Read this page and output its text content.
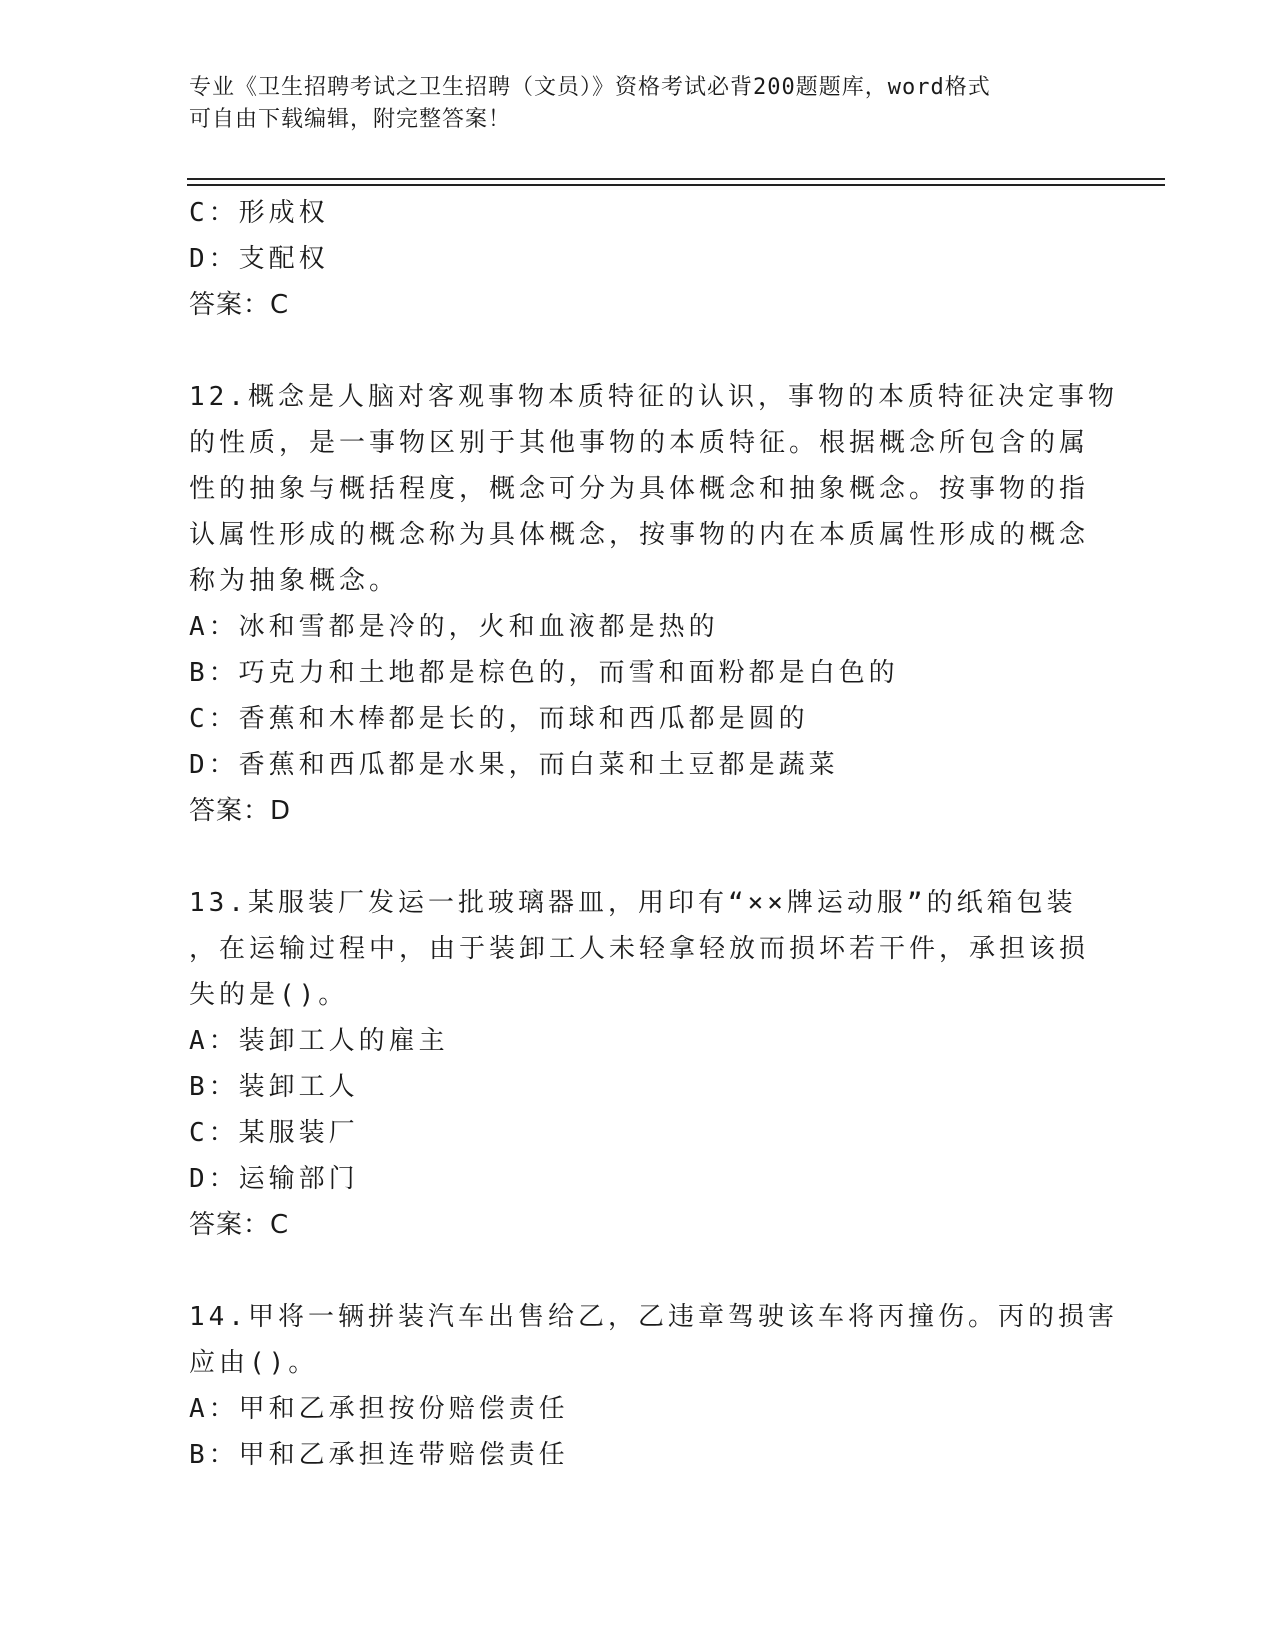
专业《卫生招聘考试之卫生招聘（文员）》资格考试必背200题题库，word格式
可自由下载编辑，附完整答案！
C：形成权
D：支配权
答案：C
12.概念是人脑对客观事物本质特征的认识，事物的本质特征决定事物
的性质，是一事物区别于其他事物的本质特征。根据概念所包含的属
性的抽象与概括程度，概念可分为具体概念和抽象概念。按事物的指
认属性形成的概念称为具体概念，按事物的内在本质属性形成的概念
称为抽象概念。
A：冰和雪都是冷的，火和血液都是热的
B：巧克力和土地都是棕色的，而雪和面粉都是白色的
C：香蕉和木棒都是长的，而球和西瓜都是圆的
D：香蕉和西瓜都是水果，而白菜和土豆都是蔬菜
答案：D
13.某服装厂发运一批玻璃器皿，用印有“××牌运动服”的纸箱包装
，在运输过程中，由于装卸工人未轻拿轻放而损坏若干件，承担该损
失的是()。
A：装卸工人的雇主
B：装卸工人
C：某服装厂
D：运输部门
答案：C
14.甲将一辆拼装汽车出售给乙，乙违章驾驶该车将丙撞伤。丙的损害
应由()。
A：甲和乙承担按份赔偿责任
B：甲和乙承担连带赔偿责任
